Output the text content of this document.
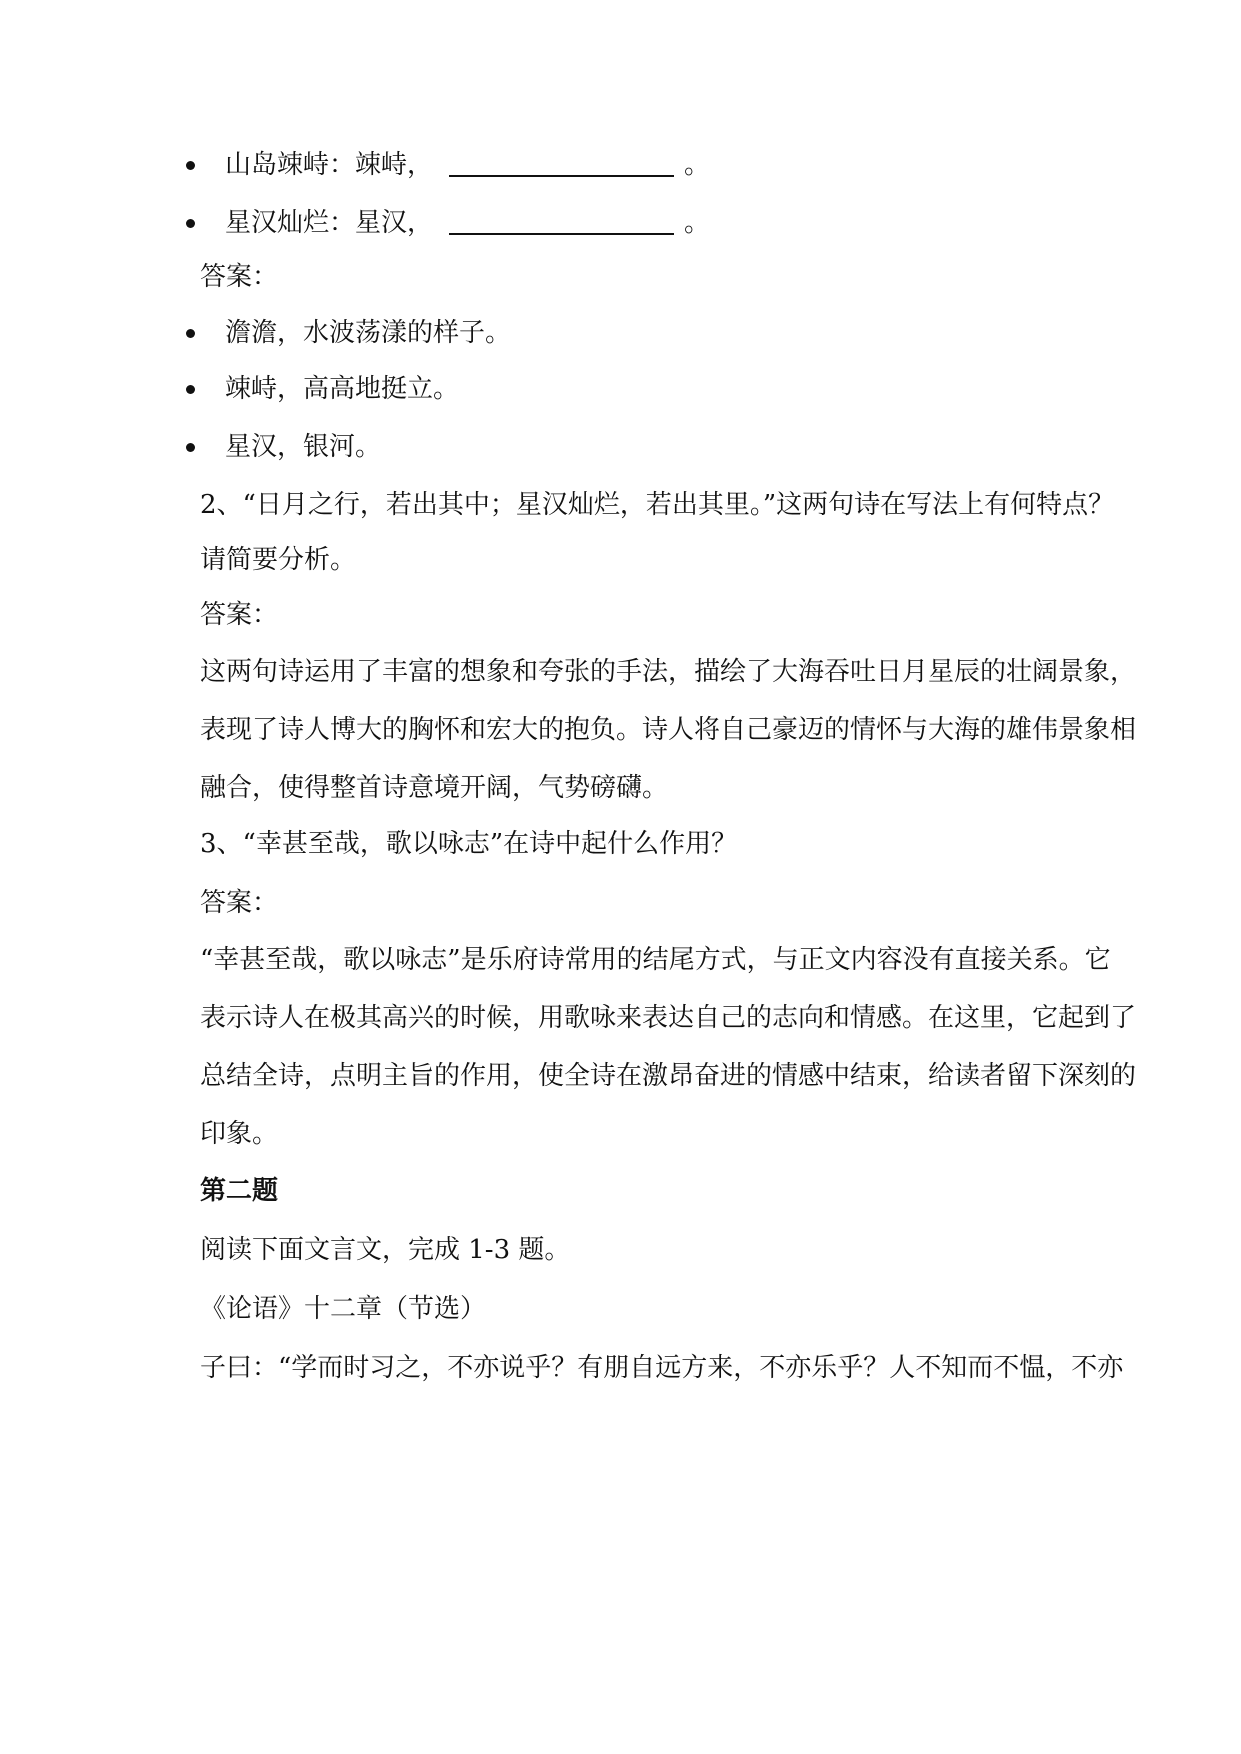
山岛竦峙：竦峙，	。
星汉灿烂：星汉，	。
答案：
澹澹，水波荡漾的样子。
竦峙，高高地挺立。
星汉，银河。
2、“日月之行，若出其中；星汉灿烂，若出其里。”这两句诗在写法上有何特点？
请简要分析。
答案：
这两句诗运用了丰富的想象和夸张的手法，描绘了大海吞吐日月星辰的壮阔景象，
表现了诗人博大的胸怀和宏大的抱负。诗人将自己豪迈的情怀与大海的雄伟景象相
融合，使得整首诗意境开阔，气势磅礴。
3、“幸甚至哉，歌以咏志”在诗中起什么作用？
答案：
“幸甚至哉，歌以咏志”是乐府诗常用的结尾方式，与正文内容没有直接关系。它
表示诗人在极其高兴的时候，用歌咏来表达自己的志向和情感。在这里，它起到了
总结全诗，点明主旨的作用，使全诗在激昂奋进的情感中结束，给读者留下深刻的
印象。
第二题
阅读下面文言文，完成 1-3 题。
《论语》十二章（节选）
子曰：“学而时习之，不亦说乎？有朋自远方来，不亦乐乎？人不知而不愠，不亦
